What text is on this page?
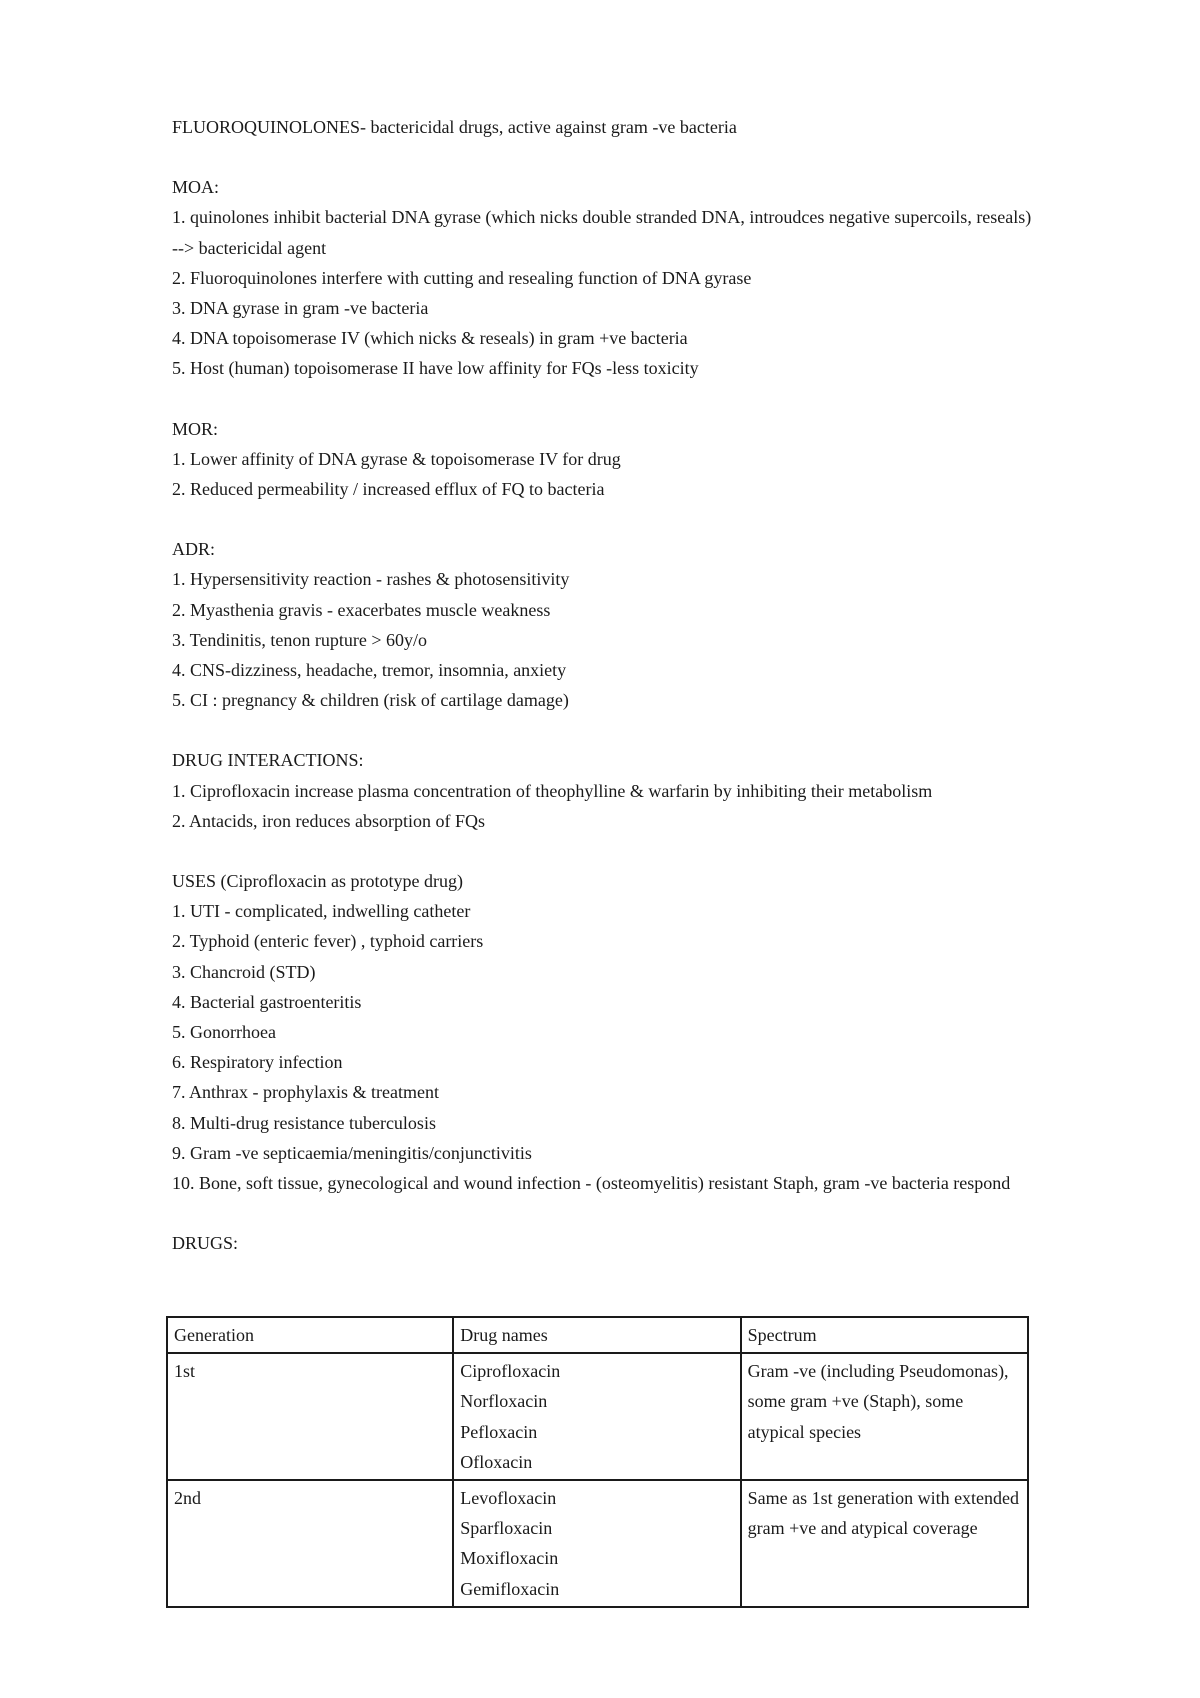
FLUOROQUINOLONES- bactericidal drugs, active against gram -ve bacteria

MOA:

1. quinolones inhibit bacterial DNA gyrase (which nicks double stranded DNA, introudces negative supercoils, reseals) --> bactericidal agent

2. Fluoroquinolones interfere with cutting and resealing function of DNA gyrase

3. DNA gyrase in gram -ve bacteria

4. DNA topoisomerase IV (which nicks & reseals) in gram +ve bacteria

5. Host (human) topoisomerase II have low affinity for FQs -less toxicity

MOR:

1. Lower affinity of DNA gyrase & topoisomerase IV for drug

2. Reduced permeability / increased efflux of FQ to bacteria

ADR:

1. Hypersensitivity reaction - rashes & photosensitivity

2. Myasthenia gravis - exacerbates muscle weakness

3. Tendinitis, tenon rupture > 60y/o

4. CNS-dizziness, headache, tremor, insomnia, anxiety

5. CI : pregnancy & children (risk of cartilage damage)

DRUG INTERACTIONS:

1. Ciprofloxacin increase plasma concentration of theophylline & warfarin by inhibiting their metabolism

2. Antacids, iron reduces absorption of FQs

USES (Ciprofloxacin as prototype drug)

1. UTI - complicated, indwelling catheter

2. Typhoid (enteric fever) , typhoid carriers

3. Chancroid (STD)

4. Bacterial gastroenteritis

5. Gonorrhoea

6. Respiratory infection

7. Anthrax - prophylaxis & treatment

8. Multi-drug resistance tuberculosis

9. Gram -ve septicaemia/meningitis/conjunctivitis

10. Bone, soft tissue, gynecological and wound infection - (osteomyelitis) resistant Staph, gram -ve bacteria respond

DRUGS:

Generation	Drug names	Spectrum
1st	Ciprofloxacin
Norfloxacin
Pefloxacin
Ofloxacin	Gram -ve (including Pseudomonas), some gram +ve (Staph), some atypical species
2nd	Levofloxacin
Sparfloxacin
Moxifloxacin
Gemifloxacin	Same as 1st generation with extended gram +ve and atypical coverage
